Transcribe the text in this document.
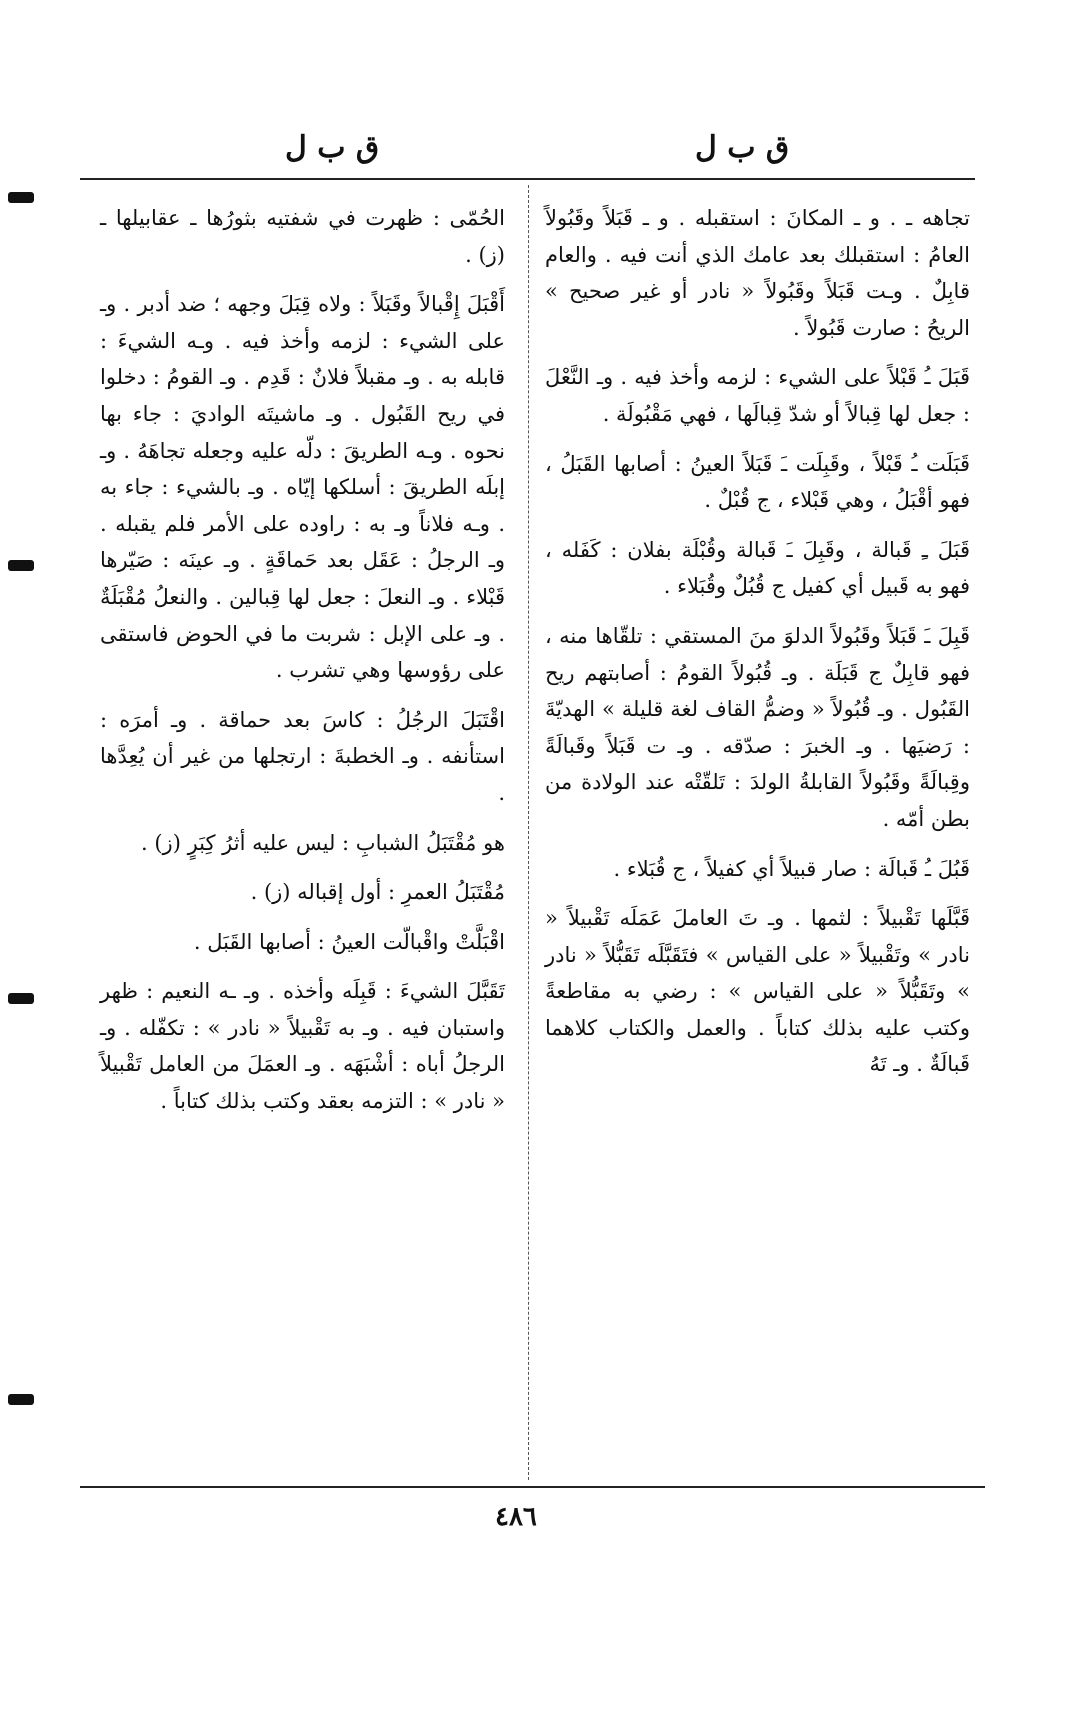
ق ب ل	ق ب ل

تجاهه ـ . و ـ المكانَ : استقبله . و ـ قَبَلاً وقَبُولاً العامُ : استقبلك بعد عامك الذي أنت فيه . والعام قابِلٌ . وـت قَبَلاً وقَبُولاً « نادر أو غير صحيح » الريحُ : صارت قَبُولاً .

قَبَلَ ـُ قَبْلاً على الشيء : لزمه وأخذ فيه . وـ النَّعْلَ : جعل لها قِبالاً أو شدّ قِبالَها ، فهي مَقْبُولَة .

قَبَلَت ـُ قَبْلاً ، وقَبِلَت ـَ قَبَلاً العينُ : أصابها القَبَلُ ، فهو أقْبَلُ ، وهي قَبْلاء ، ج قُبْلٌ .

قَبَلَ ـِ قَبالة ، وقَبِلَ ـَ قَبالة وقُبْلَة بفلان : كَفَله ، فهو به قَبيل أي كفيل ج قُبُلٌ وقُبَلاء .

قَبِلَ ـَ قَبَلاً وقَبُولاً الدلوَ منَ المستقي : تلقّاها منه ، فهو قابِلٌ ج قَبَلَة . وـ قُبُولاً القومُ : أصابتهم ريح القَبُول . وـ قُبُولاً « وضمُّ القاف لغة قليلة » الهديّةَ : رَضيَها . وـ الخبرَ : صدّقه . وـ ت قَبَلاً وقَبالَةً وقِبالَةً وقَبُولاً القابلةُ الولدَ : تَلقّتْه عند الولادة من بطن أمّه .

قَبُلَ ـُ قَبالَة : صار قبيلاً أي كفيلاً ، ج قُبَلاء .

قَبَّلَها تَقْبيلاً : لثمها . وـ تَ العاملَ عَمَلَه تَقْبيلاً « نادر » وتَقْبيلاً « على القياس » فتَقَبَّلَه تَقَبُّلاً « نادر » وتَقَبُّلاً « على القياس » : رضي به مقاطعةً وكتب عليه بذلك كتاباً . والعمل والكتاب كلاهما قَبالَةٌ . وـ تَهُ

الحُمّى : ظهرت في شفتيه بثورُها ـ عقابيلها ـ (ز) .

أَقْبَلَ إِقْبالاً وقَبَلاً : ولاه قِبَلَ وجهه ؛ ضد أدبر . وـ على الشيء : لزمه وأخذ فيه . وـه الشيءَ : قابله به . وـ مقبلاً فلانٌ : قَدِم . وـ القومُ : دخلوا في ريح القَبُول . وـ ماشيتَه الواديَ : جاء بها نحوه . وـه الطريقَ : دلّه عليه وجعله تجاهَهُ . وـ إبلَه الطريقَ : أسلكها إيّاه . وـ بالشيء : جاء به . وـه فلاناً وـ به : راوده على الأمر فلم يقبله . وـ الرجلُ : عَقَل بعد حَماقَةٍ . وـ عينَه : صَيّرها قَبْلاء . وـ النعلَ : جعل لها قِبالين . والنعلُ مُقْبَلَةٌ . وـ على الإبل : شربت ما في الحوض فاستقى على رؤوسها وهي تشرب .

اقْتَبَلَ الرجُلُ : كاسَ بعد حماقة . وـ أمرَه : استأنفه . وـ الخطبةَ : ارتجلها من غير أن يُعِدَّها .

هو مُقْتَبَلُ الشبابِ : ليس عليه أثرُ كِبَرٍ (ز) .

مُقْتَبَلُ العمرِ : أول إقباله (ز) .

اقْبَلَّتْ واقْبالّت العينُ : أصابها القَبَل .

تَقَبَّلَ الشيءَ : قَبِلَه وأخذه . وـ ـه النعيم : ظهر واستبان فيه . وـ به تَقْبيلاً « نادر » : تكفّله . وـ الرجلُ أباه : أشْبَهَه . وـ العمَلَ من العامل تَقْبيلاً « نادر » : التزمه بعقد وكتب بذلك كتاباً .

٤٨٦
